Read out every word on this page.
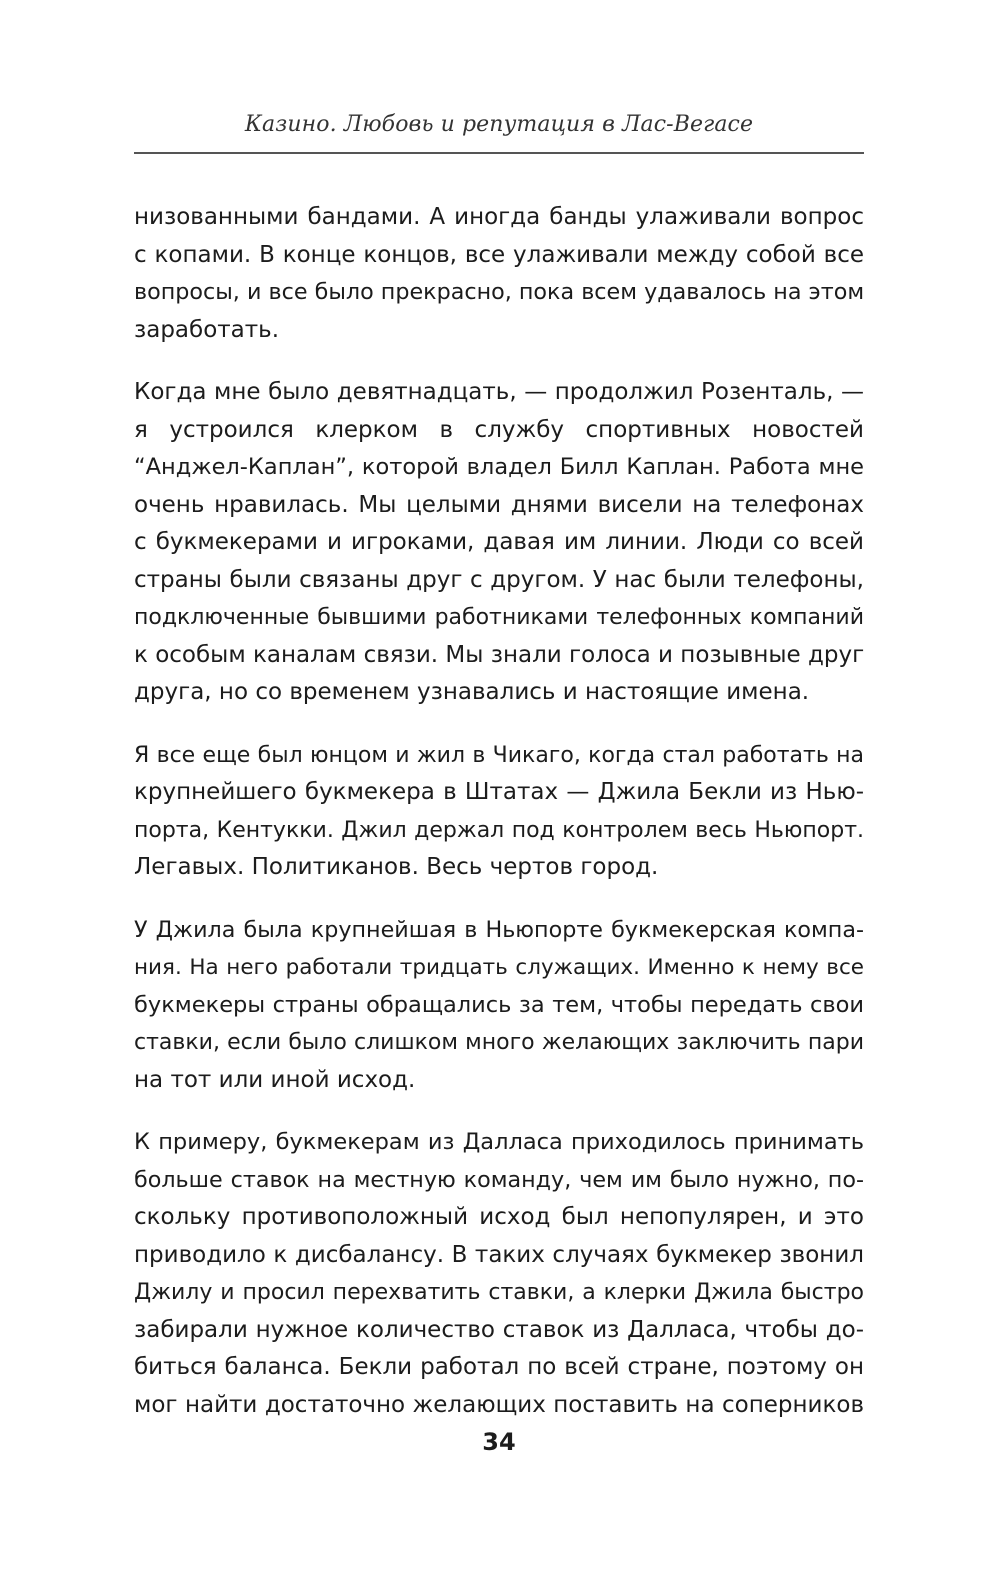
Казино. Любовь и репутация в Лас-Вегасе

низованными бандами. А иногда банды улаживали вопрос
с копами. В конце концов, все улаживали между собой все
вопросы, и все было прекрасно, пока всем удавалось на этом
заработать.

Когда мне было девятнадцать, — продолжил Розенталь, —
я устроился клерком в службу спортивных новостей
“Анджел-Каплан”, которой владел Билл Каплан. Работа мне
очень нравилась. Мы целыми днями висели на телефонах
с букмекерами и игроками, давая им линии. Люди со всей
страны были связаны друг с другом. У нас были телефоны,
подключенные бывшими работниками телефонных компаний
к особым каналам связи. Мы знали голоса и позывные друг
друга, но со временем узнавались и настоящие имена.

Я все еще был юнцом и жил в Чикаго, когда стал работать на
крупнейшего букмекера в Штатах — Джила Бекли из Нью-
порта, Кентукки. Джил держал под контролем весь Ньюпорт.
Легавых. Политиканов. Весь чертов город.

У Джила была крупнейшая в Ньюпорте букмекерская компа-
ния. На него работали тридцать служащих. Именно к нему все
букмекеры страны обращались за тем, чтобы передать свои
ставки, если было слишком много желающих заключить пари
на тот или иной исход.

К примеру, букмекерам из Далласа приходилось принимать
больше ставок на местную команду, чем им было нужно, по-
скольку противоположный исход был непопулярен, и это
приводило к дисбалансу. В таких случаях букмекер звонил
Джилу и просил перехватить ставки, а клерки Джила быстро
забирали нужное количество ставок из Далласа, чтобы до-
биться баланса. Бекли работал по всей стране, поэтому он
мог найти достаточно желающих поставить на соперников

34
